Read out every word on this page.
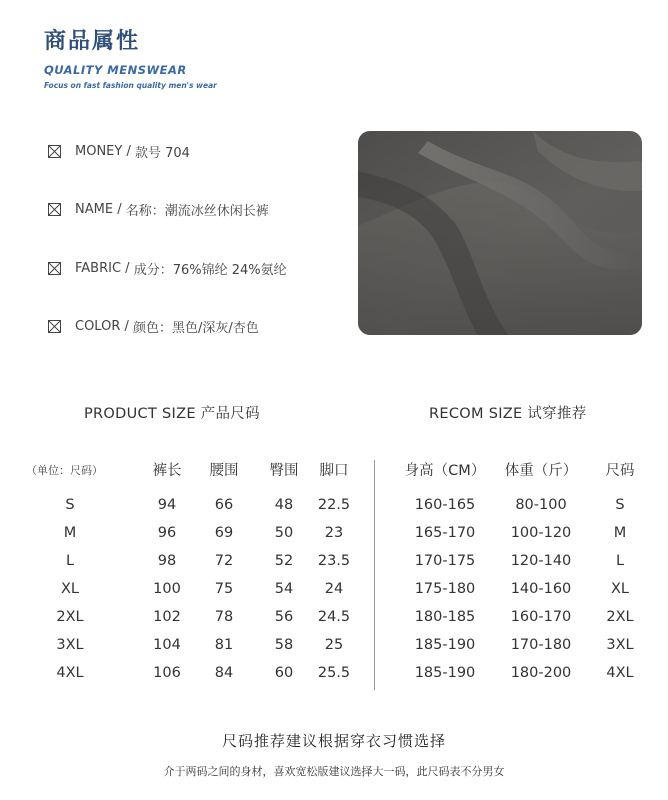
商品属性
QUALITY MENSWEAR
Focus on fast fashion quality men's wear
MONEY / 款号 704
NAME / 名称：潮流冰丝休闲长裤
FABRIC / 成分：76%锦纶 24%氨纶
COLOR / 颜色：黑色/深灰/杏色
PRODUCT SIZE 产品尺码	RECOM SIZE 试穿推荐
（单位：尺码）	裤长 腰围 臀围 脚口
S	94	66	48 22.5
M	96	69	50 23
L	98	72	52 23.5
XL	100 75	54 24
2XL	102 78	56 24.5
3XL	104 81	58 25
4XL	106 84	60 25.5
身高（CM） 体重（斤） 尺码
160-165	80-100	S
165-170 100-120	M
170-175 120-140	L
175-180 140-160	XL
180-185 160-170 2XL
185-190 170-180 3XL
185-190 180-200 4XL
尺码推荐建议根据穿衣习惯选择
介于两码之间的身材，喜欢宽松版建议选择大一码，此尺码表不分男女
